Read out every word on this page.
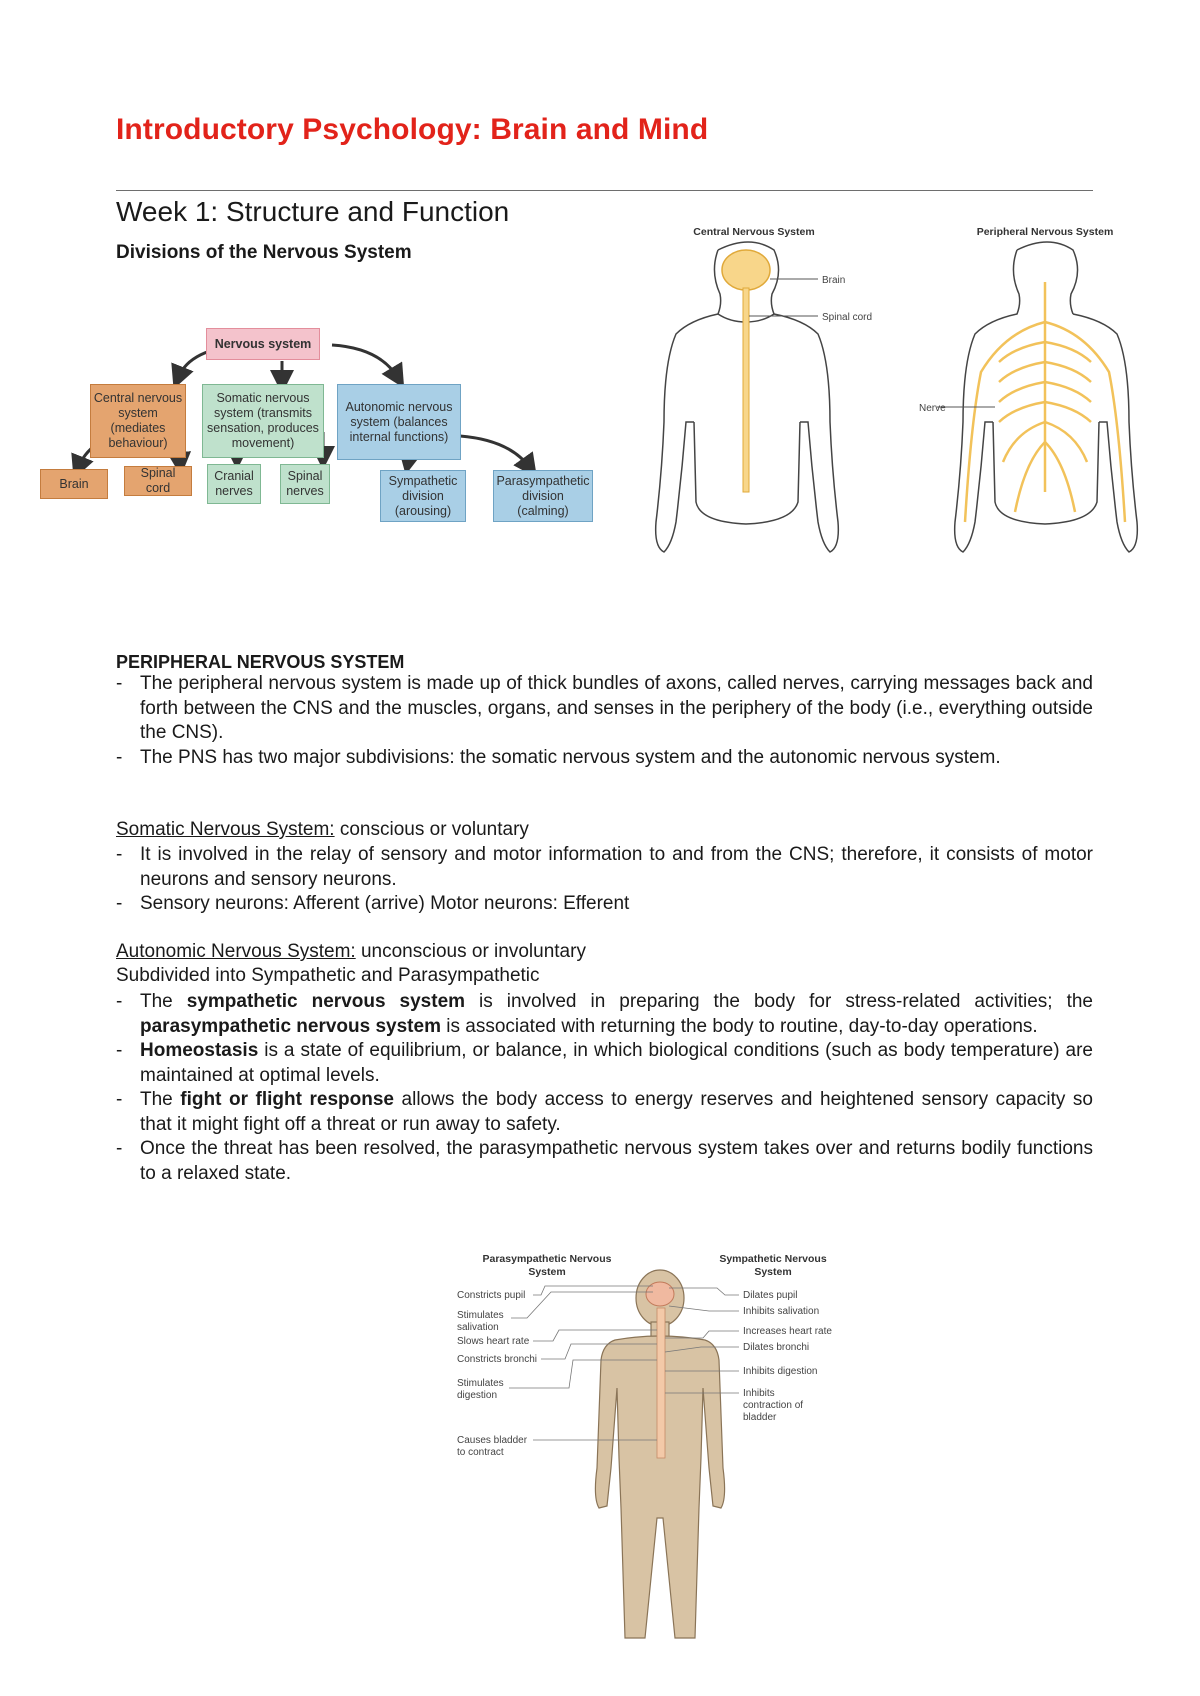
Introductory Psychology: Brain and Mind
Week 1: Structure and Function
Divisions of the Nervous System
Nervous system
Central nervous system (mediates behaviour)
Somatic nervous system (transmits sensation, produces movement)
Autonomic nervous system (balances internal functions)
Brain
Spinal cord
Cranial nerves
Spinal nerves
Sympathetic division (arousing)
Parasympathetic division (calming)
Central Nervous System
Brain
Spinal cord
Peripheral Nervous System
Nerve
PERIPHERAL NERVOUS SYSTEM
- The peripheral nervous system is made up of thick bundles of axons, called nerves, carrying messages back and forth between the CNS and the muscles, organs, and senses in the periphery of the body (i.e., everything outside the CNS).
- The PNS has two major subdivisions: the somatic nervous system and the autonomic nervous system.
Somatic Nervous System: conscious or voluntary
- It is involved in the relay of sensory and motor information to and from the CNS; therefore, it consists of motor neurons and sensory neurons.
- Sensory neurons: Afferent (arrive) Motor neurons: Efferent
Autonomic Nervous System: unconscious or involuntary
Subdivided into Sympathetic and Parasympathetic
- The sympathetic nervous system is involved in preparing the body for stress-related activities; the parasympathetic nervous system is associated with returning the body to routine, day-to-day operations.
- Homeostasis is a state of equilibrium, or balance, in which biological conditions (such as body temperature) are maintained at optimal levels.
- The fight or flight response allows the body access to energy reserves and heightened sensory capacity so that it might fight off a threat or run away to safety.
- Once the threat has been resolved, the parasympathetic nervous system takes over and returns bodily functions to a relaxed state.
Parasympathetic Nervous
System
Sympathetic Nervous
System
Constricts pupil
Stimulates
salivation
Slows heart rate
Constricts bronchi
Stimulates
digestion
Causes bladder
to contract
Dilates pupil
Inhibits salivation
Increases heart rate
Dilates bronchi
Inhibits digestion
Inhibits
contraction of
bladder
